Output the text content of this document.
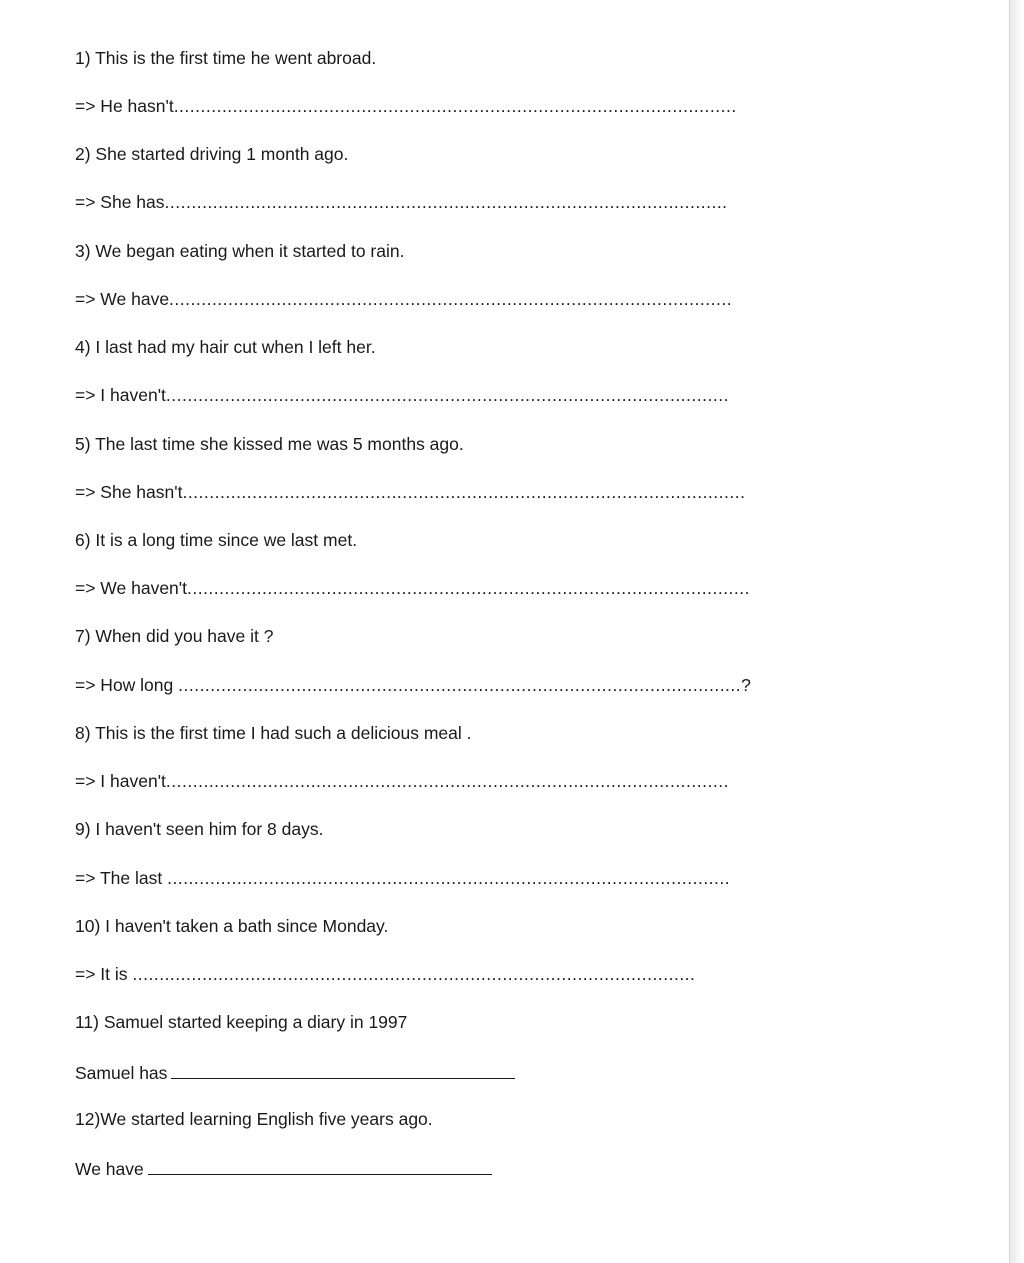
1) This is the first time he went abroad.
=> He hasn't.........................................................................................................
2) She started driving 1 month ago.
=> She has.........................................................................................................
3) We began eating when it started to rain.
=> We have.........................................................................................................
4) I last had my hair cut when I left her.
=> I haven't.........................................................................................................
5) The last time she kissed me was 5 months ago.
=> She hasn't.........................................................................................................
6) It is a long time since we last met.
=> We haven't.........................................................................................................
7) When did you have it ?
=> How long .........................................................................................................?
8) This is the first time I had such a delicious meal .
=> I haven't.........................................................................................................
9) I haven't seen him for 8 days.
=> The last .........................................................................................................
10) I haven't taken a bath since Monday.
=> It is .........................................................................................................
11) Samuel started keeping a diary in 1997
Samuel has
12)We started learning English five years ago.
We have
